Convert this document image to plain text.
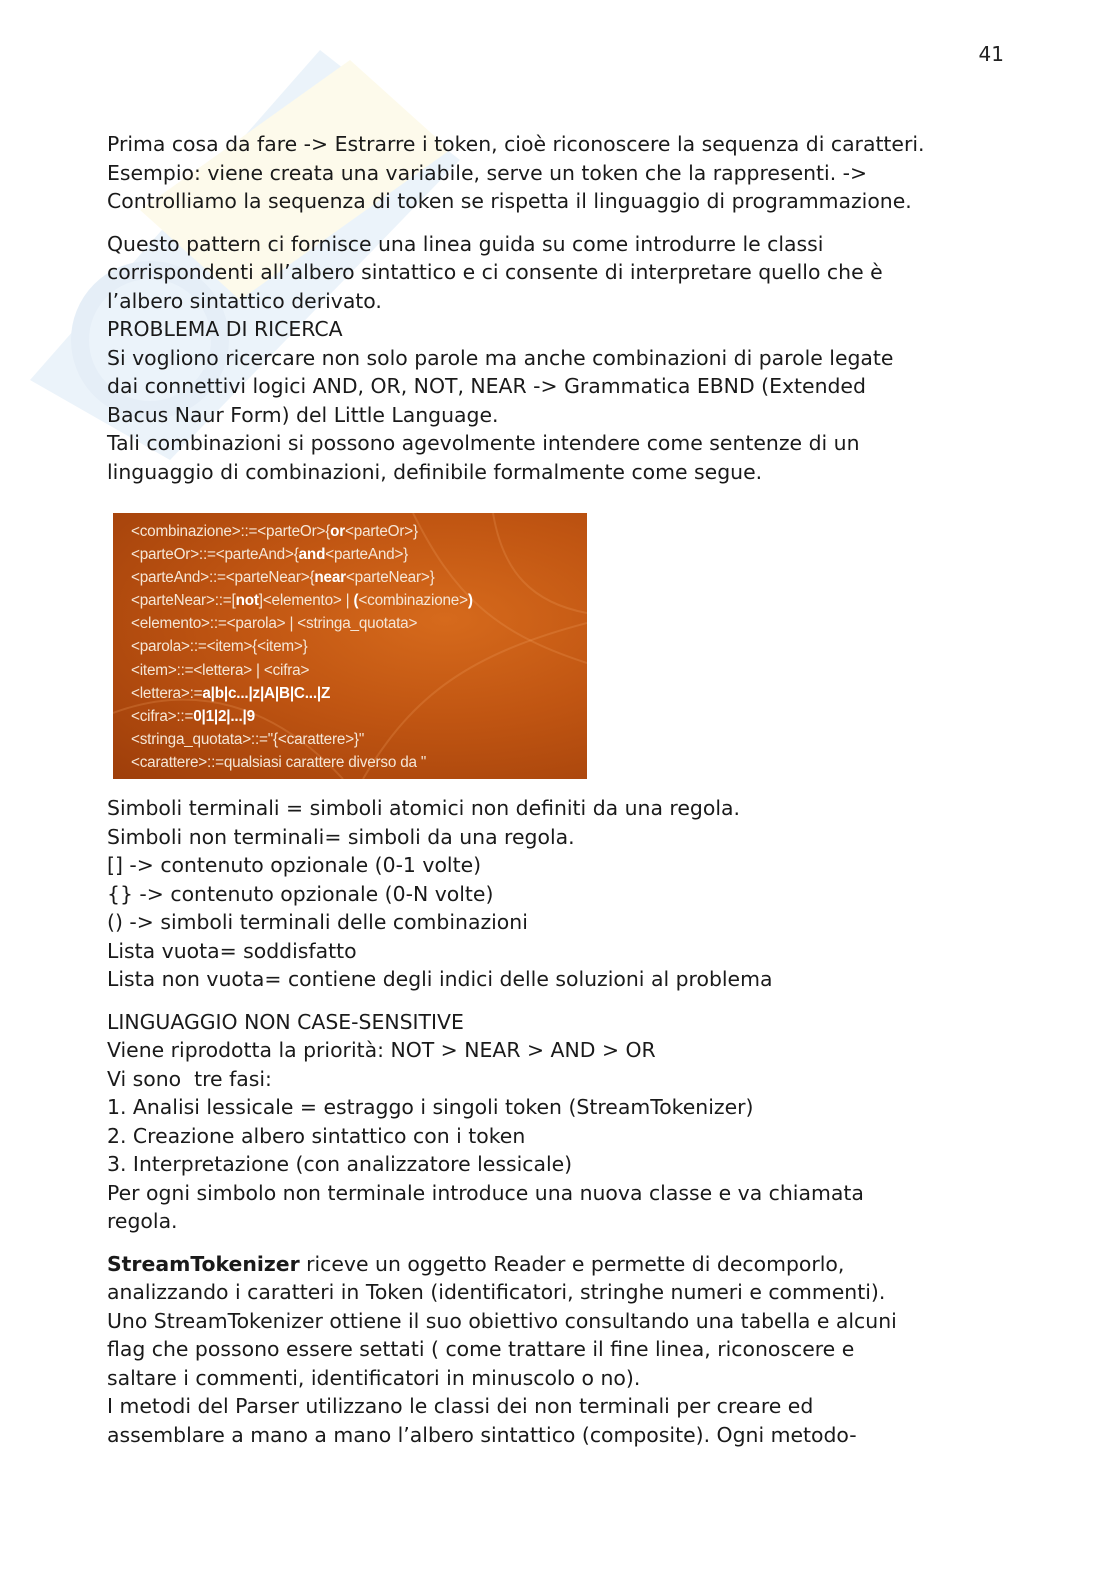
41

Prima cosa da fare -> Estrarre i token, cioè riconoscere la sequenza di caratteri.
Esempio: viene creata una variabile, serve un token che la rappresenti. ->
Controlliamo la sequenza di token se rispetta il linguaggio di programmazione.

Questo pattern ci fornisce una linea guida su come introdurre le classi
corrispondenti all’albero sintattico e ci consente di interpretare quello che è
l’albero sintattico derivato.
PROBLEMA DI RICERCA
Si vogliono ricercare non solo parole ma anche combinazioni di parole legate
dai connettivi logici AND, OR, NOT, NEAR -> Grammatica EBND (Extended
Bacus Naur Form) del Little Language.
Tali combinazioni si possono agevolmente intendere come sentenze di un
linguaggio di combinazioni, definibile formalmente come segue.

<combinazione>::=<parteOr>{or<parteOr>}
<parteOr>::=<parteAnd>{and<parteAnd>}
<parteAnd>::=<parteNear>{near<parteNear>}
<parteNear>::=[not]<elemento> | (<combinazione>)
<elemento>::=<parola> | <stringa_quotata>
<parola>::=<item>{<item>}
<item>::=<lettera> | <cifra>
<lettera>:=a|b|c...|z|A|B|C...|Z
<cifra>::=0|1|2|...|9
<stringa_quotata>::="{<carattere>}"
<carattere>::=qualsiasi carattere diverso da "

Simboli terminali = simboli atomici non definiti da una regola.
Simboli non terminali= simboli da una regola.
[] -> contenuto opzionale (0-1 volte)
{} -> contenuto opzionale (0-N volte)
() -> simboli terminali delle combinazioni
Lista vuota= soddisfatto
Lista non vuota= contiene degli indici delle soluzioni al problema

LINGUAGGIO NON CASE-SENSITIVE
Viene riprodotta la priorità: NOT > NEAR > AND > OR
Vi sono  tre fasi:
1. Analisi lessicale = estraggo i singoli token (StreamTokenizer)
2. Creazione albero sintattico con i token
3. Interpretazione (con analizzatore lessicale)
Per ogni simbolo non terminale introduce una nuova classe e va chiamata
regola.

StreamTokenizer riceve un oggetto Reader e permette di decomporlo,
analizzando i caratteri in Token (identificatori, stringhe numeri e commenti).
Uno StreamTokenizer ottiene il suo obiettivo consultando una tabella e alcuni
flag che possono essere settati ( come trattare il fine linea, riconoscere e
saltare i commenti, identificatori in minuscolo o no).
I metodi del Parser utilizzano le classi dei non terminali per creare ed
assemblare a mano a mano l’albero sintattico (composite). Ogni metodo-
